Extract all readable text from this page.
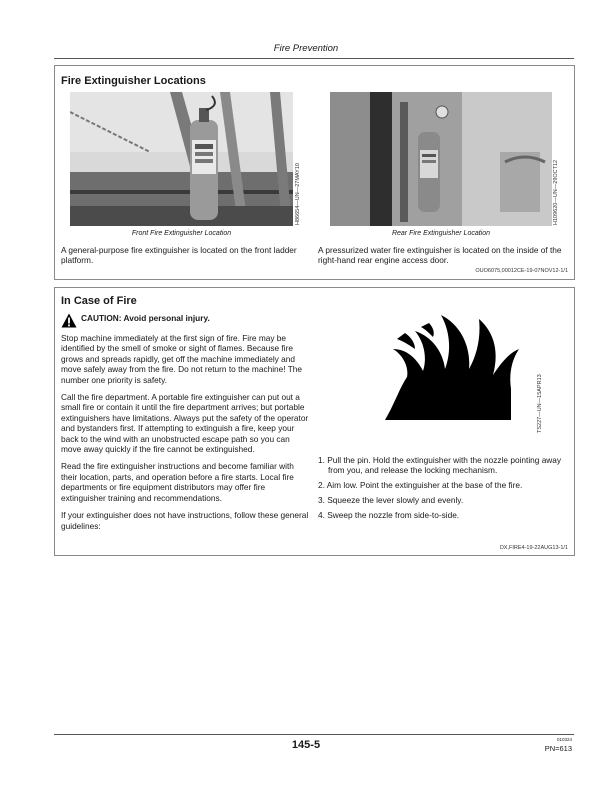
Fire Prevention
Fire Extinguisher Locations
H86654—UN—27MAY10	H109620—UN—29OCT12
Front Fire Extinguisher Location	Rear Fire Extinguisher Location

A general-purpose fire extinguisher is located on the front ladder platform.

A pressurized water fire extinguisher is located on the inside of the right-hand rear engine access door.

OUO6075,00012CE-19-07NOV12-1/1
In Case of Fire
CAUTION: Avoid personal injury.

Stop machine immediately at the first sign of fire. Fire may be identified by the smell of smoke or sight of flames. Because fire grows and spreads rapidly, get off the machine immediately and move safely away from the fire. Do not return to the machine! The number one priority is safety.

Call the fire department. A portable fire extinguisher can put out a small fire or contain it until the fire department arrives; but portable extinguishers have limitations. Always put the safety of the operator and bystanders first. If attempting to extinguish a fire, keep your back to the wind with an unobstructed escape path so you can move away quickly if the fire cannot be extinguished.

Read the fire extinguisher instructions and become familiar with their location, parts, and operation before a fire starts. Local fire departments or fire equipment distributors may offer fire extinguisher training and recommendations.

If your extinguisher does not have instructions, follow these general guidelines:

TS227—UN—15APR13
1. Pull the pin. Hold the extinguisher with the nozzle pointing away from you, and release the locking mechanism.
2. Aim low. Point the extinguisher at the base of the fire.
3. Squeeze the lever slowly and evenly.
4. Sweep the nozzle from side-to-side.
DX,FIRE4-19-22AUG13-1/1
145-5	010324
PN=613
